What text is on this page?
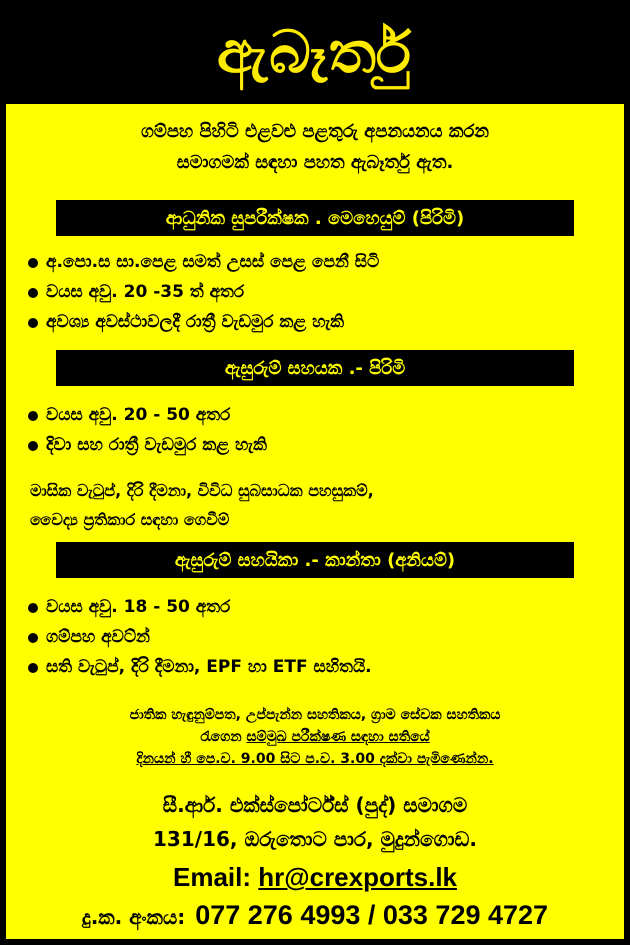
ඇබෑර්තු
ගම්පහ පිහිටි එළවළු පළතුරු අපනයනය කරන
සමාගමක් සඳහා පහත ඇබෑර්තු ඇත.
ආධුනික සුපරීක්ෂක . මෙහෙයුම් (පිරිමි)
අ.පො.ස සා.පෙළ සමත් උසස් පෙළ පෙනී සිටි
වයස අවු. 20 -35 ත් අතර
අවශ්‍ය අවස්ථාවලදී රාත්‍රී වැඩමුර කළ හැකි
ඇසුරුම් සහයක .- පිරිමි
වයස අවු. 20 - 50 අතර
දිවා සහ රාත්‍රී වැඩමුර කළ හැකි
මාසික වැටුප්, දිරි දීමනා, විවිධ සුබසාධක පහසුකම්,
වෛද්‍ය ප්‍රතිකාර සඳහා ගෙවීම්
ඇසුරුම් සහයිකා .- කාන්තා (අනියම්)
වයස අවු. 18 - 50 අතර
ගම්පහ අවට්න්
සති වැටුප්, දිරි දීමනා, EPF හා ETF සහිතයි.
ජාතික හැඳුනුම්පත, උප්පැන්න සහතිකය, ග්‍රාම සේවක සහතිකය
රැගෙන සම්මුඛ පරීක්ෂණ සඳහා සතියේ
දිනයන් හී පෙ.ව. 9.00 සිට ප.ව. 3.00 දක්වා පැමිණෙන්න.
සී.ආර්. එක්ස්පෝර්ට්ස් (පුද්) සමාගම
131/16, ඔරුතොට පාර, මුදුන්ගොඩ.
Email: hr@crexports.lk
දු.ක. අංකය: 077 276 4993 / 033 729 4727
